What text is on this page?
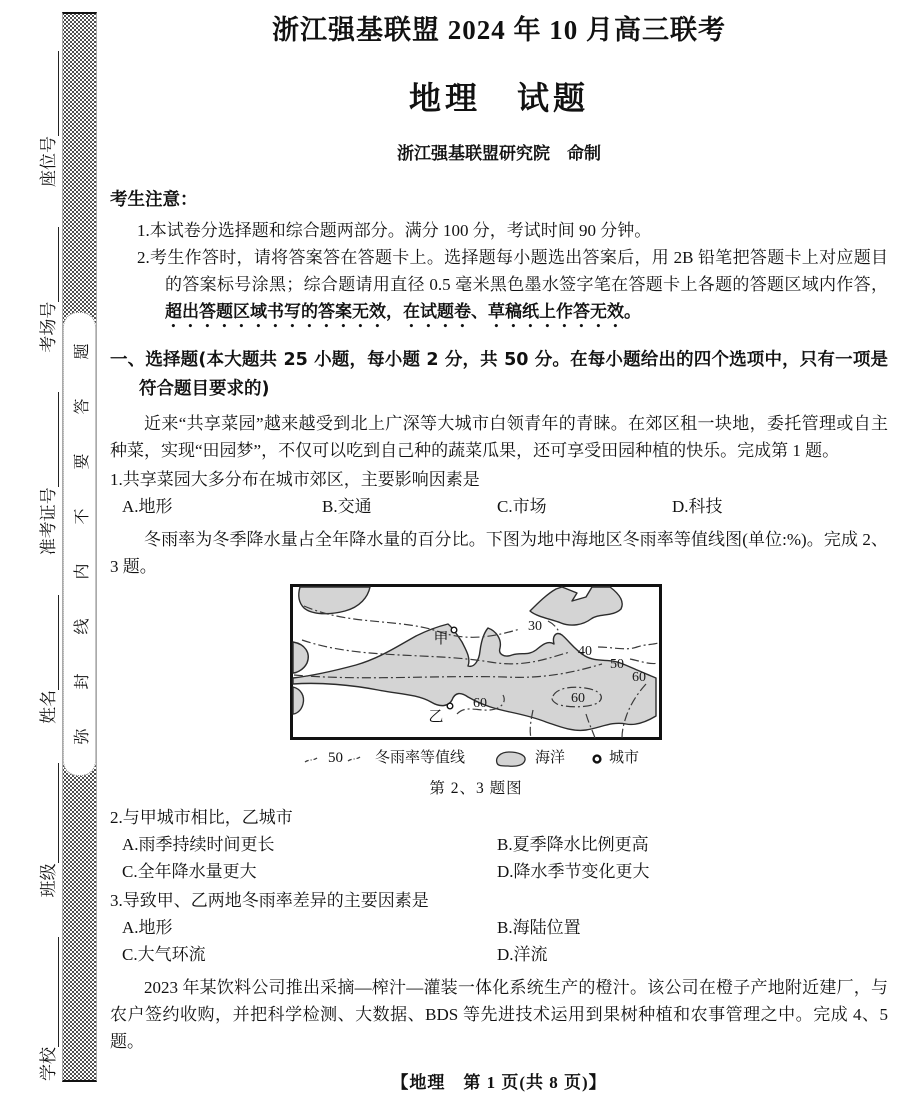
学校
班级
姓名
准考证号
考场号
座位号
弥
封
线
内
不
要
答
题
浙江强基联盟 2024 年 10 月高三联考
地理　试题
浙江强基联盟研究院　命制
考生注意：
1.本试卷分选择题和综合题两部分。满分 100 分，考试时间 90 分钟。
2.考生作答时，请将答案答在答题卡上。选择题每小题选出答案后，用 2B 铅笔把答题卡上对应题目的答案标号涂黑；综合题请用直径 0.5 毫米黑色墨水签字笔在答题卡上各题的答题区域内作答，超出答题区域书写的答案无效，在试题卷、草稿纸上作答无效。
一、选择题(本大题共 25 小题，每小题 2 分，共 50 分。在每小题给出的四个选项中，只有一项是符合题目要求的)
近来“共享菜园”越来越受到北上广深等大城市白领青年的青睐。在郊区租一块地，委托管理或自主种菜，实现“田园梦”，不仅可以吃到自己种的蔬菜瓜果，还可享受田园种植的快乐。完成第 1 题。
1.共享菜园大多分布在城市郊区，主要影响因素是
A.地形	B.交通	C.市场	D.科技
冬雨率为冬季降水量占全年降水量的百分比。下图为地中海地区冬雨率等值线图(单位:%)。完成 2、3 题。
30
40
50
60
60
60
甲
乙
50 冬雨率等值线	海洋	城市
第 2、3 题图
2.与甲城市相比，乙城市
A.雨季持续时间更长	B.夏季降水比例更高
C.全年降水量更大	D.降水季节变化更大
3.导致甲、乙两地冬雨率差异的主要因素是
A.地形	B.海陆位置
C.大气环流	D.洋流
2023 年某饮料公司推出采摘—榨汁—灌装一体化系统生产的橙汁。该公司在橙子产地附近建厂，与农户签约收购，并把科学检测、大数据、BDS 等先进技术运用到果树种植和农事管理之中。完成 4、5 题。
【地理　第 1 页(共 8 页)】
